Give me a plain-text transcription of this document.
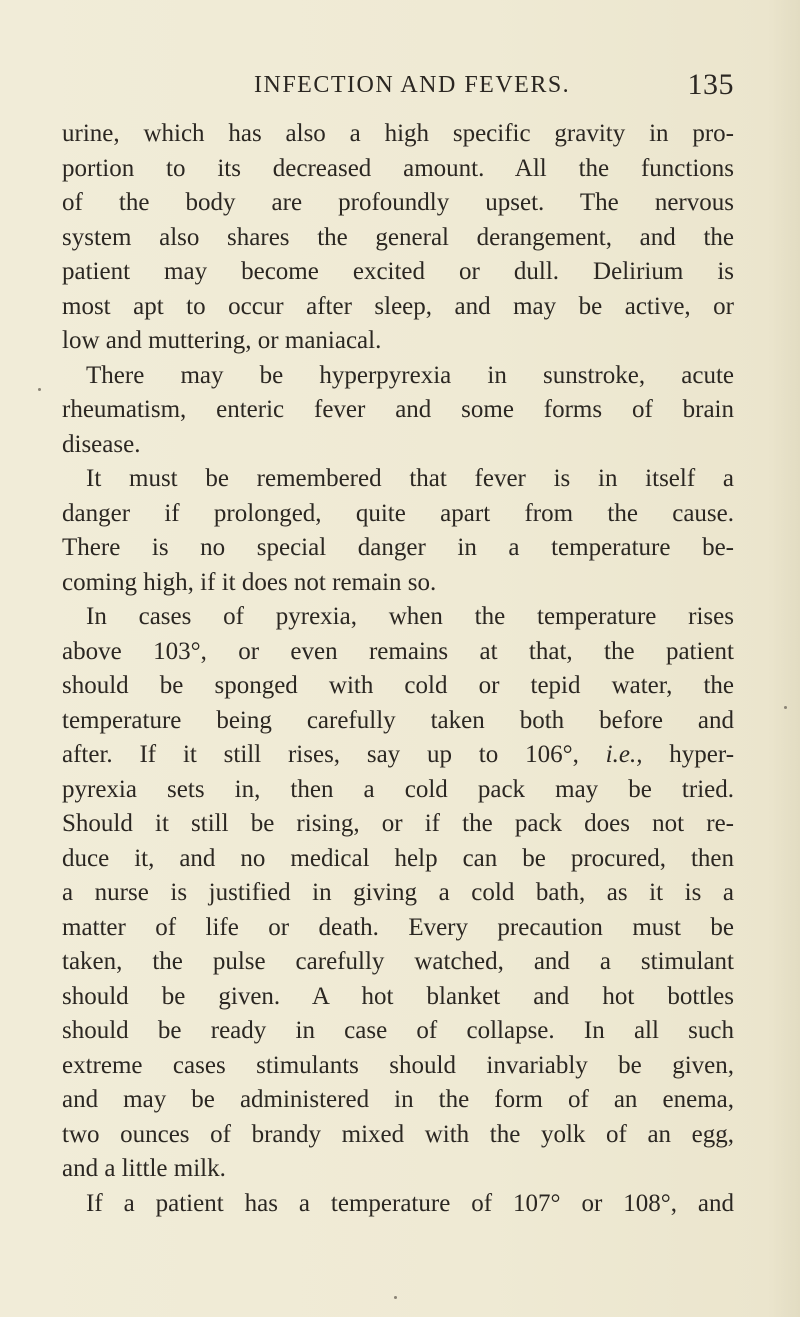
INFECTION AND FEVERS.	135
urine, which has also a high specific gravity in pro-
portion to its decreased amount. All the functions
of the body are profoundly upset. The nervous
system also shares the general derangement, and the
patient may become excited or dull. Delirium is
most apt to occur after sleep, and may be active, or
low and muttering, or maniacal.
There may be hyperpyrexia in sunstroke, acute
rheumatism, enteric fever and some forms of brain
disease.
It must be remembered that fever is in itself a
danger if prolonged, quite apart from the cause.
There is no special danger in a temperature be-
coming high, if it does not remain so.
In cases of pyrexia, when the temperature rises
above 103°, or even remains at that, the patient
should be sponged with cold or tepid water, the
temperature being carefully taken both before and
after. If it still rises, say up to 106°, i.e., hyper-
pyrexia sets in, then a cold pack may be tried.
Should it still be rising, or if the pack does not re-
duce it, and no medical help can be procured, then
a nurse is justified in giving a cold bath, as it is a
matter of life or death. Every precaution must be
taken, the pulse carefully watched, and a stimulant
should be given. A hot blanket and hot bottles
should be ready in case of collapse. In all such
extreme cases stimulants should invariably be given,
and may be administered in the form of an enema,
two ounces of brandy mixed with the yolk of an egg,
and a little milk.
If a patient has a temperature of 107° or 108°, and
